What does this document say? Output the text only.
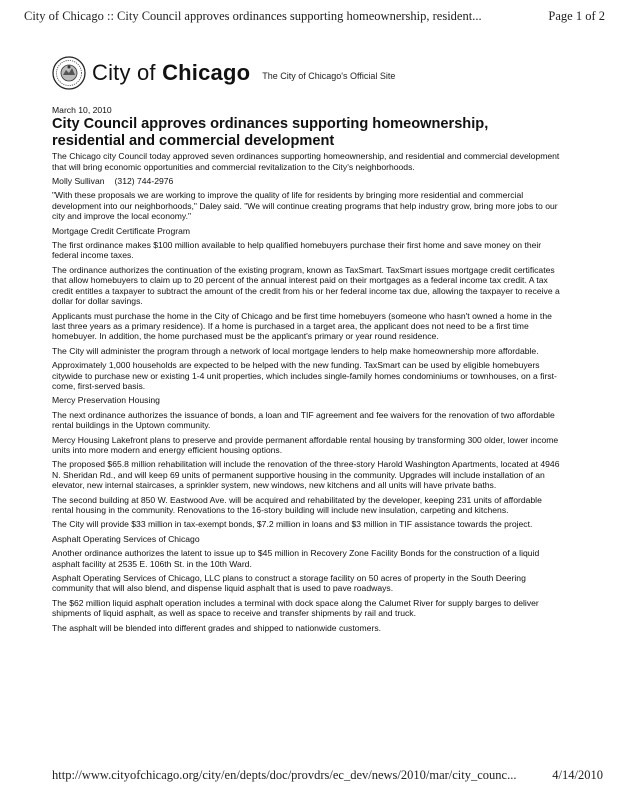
City of Chicago :: City Council approves ordinances supporting homeownership, resident...	Page 1 of 2
City of Chicago The City of Chicago's Official Site
March 10, 2010
City Council approves ordinances supporting homeownership, residential and commercial development

The Chicago city Council today approved seven ordinances supporting homeownership, and residential and commercial development that will bring economic opportunities and commercial revitalization to the City's neighborhoods.

Molly Sullivan (312) 744-2976

"With these proposals we are working to improve the quality of life for residents by bringing more residential and commercial development into our neighborhoods," Daley said. "We will continue creating programs that help industry grow, bring more jobs to our city and improve the local economy."

Mortgage Credit Certificate Program

The first ordinance makes $100 million available to help qualified homebuyers purchase their first home and save money on their federal income taxes.

The ordinance authorizes the continuation of the existing program, known as TaxSmart. TaxSmart issues mortgage credit certificates that allow homebuyers to claim up to 20 percent of the annual interest paid on their mortgages as a federal income tax credit. A tax credit entitles a taxpayer to subtract the amount of the credit from his or her federal income tax due, allowing the taxpayer to receive a dollar for dollar savings.

Applicants must purchase the home in the City of Chicago and be first time homebuyers (someone who hasn't owned a home in the last three years as a primary residence). If a home is purchased in a target area, the applicant does not need to be a first time homebuyer. In addition, the home purchased must be the applicant's primary or year round residence.

The City will administer the program through a network of local mortgage lenders to help make homeownership more affordable.

Approximately 1,000 households are expected to be helped with the new funding. TaxSmart can be used by eligible homebuyers citywide to purchase new or existing 1-4 unit properties, which includes single-family homes condominiums or townhouses, on a first-come, first-served basis.

Mercy Preservation Housing

The next ordinance authorizes the issuance of bonds, a loan and TIF agreement and fee waivers for the renovation of two affordable rental buildings in the Uptown community.

Mercy Housing Lakefront plans to preserve and provide permanent affordable rental housing by transforming 300 older, lower income units into more modern and energy efficient housing options.

The proposed $65.8 million rehabilitation will include the renovation of the three-story Harold Washington Apartments, located at 4946 N. Sheridan Rd., and will keep 69 units of permanent supportive housing in the community. Upgrades will include installation of an elevator, new internal staircases, a sprinkler system, new windows, new kitchens and all units will have private baths.

The second building at 850 W. Eastwood Ave. will be acquired and rehabilitated by the developer, keeping 231 units of affordable rental housing in the community. Renovations to the 16-story building will include new insulation, carpeting and kitchens.

The City will provide $33 million in tax-exempt bonds, $7.2 million in loans and $3 million in TIF assistance towards the project.

Asphalt Operating Services of Chicago

Another ordinance authorizes the latent to issue up to $45 million in Recovery Zone Facility Bonds for the construction of a liquid asphalt facility at 2535 E. 106th St. in the 10th Ward.

Asphalt Operating Services of Chicago, LLC plans to construct a storage facility on 50 acres of property in the South Deering community that will also blend, and dispense liquid asphalt that is used to pave roadways.

The $62 million liquid asphalt operation includes a terminal with dock space along the Calumet River for supply barges to deliver shipments of liquid asphalt, as well as space to receive and transfer shipments by rail and truck.

The asphalt will be blended into different grades and shipped to nationwide customers.

http://www.cityofchicago.org/city/en/depts/doc/provdrs/ec_dev/news/2010/mar/city_counc...	4/14/2010
